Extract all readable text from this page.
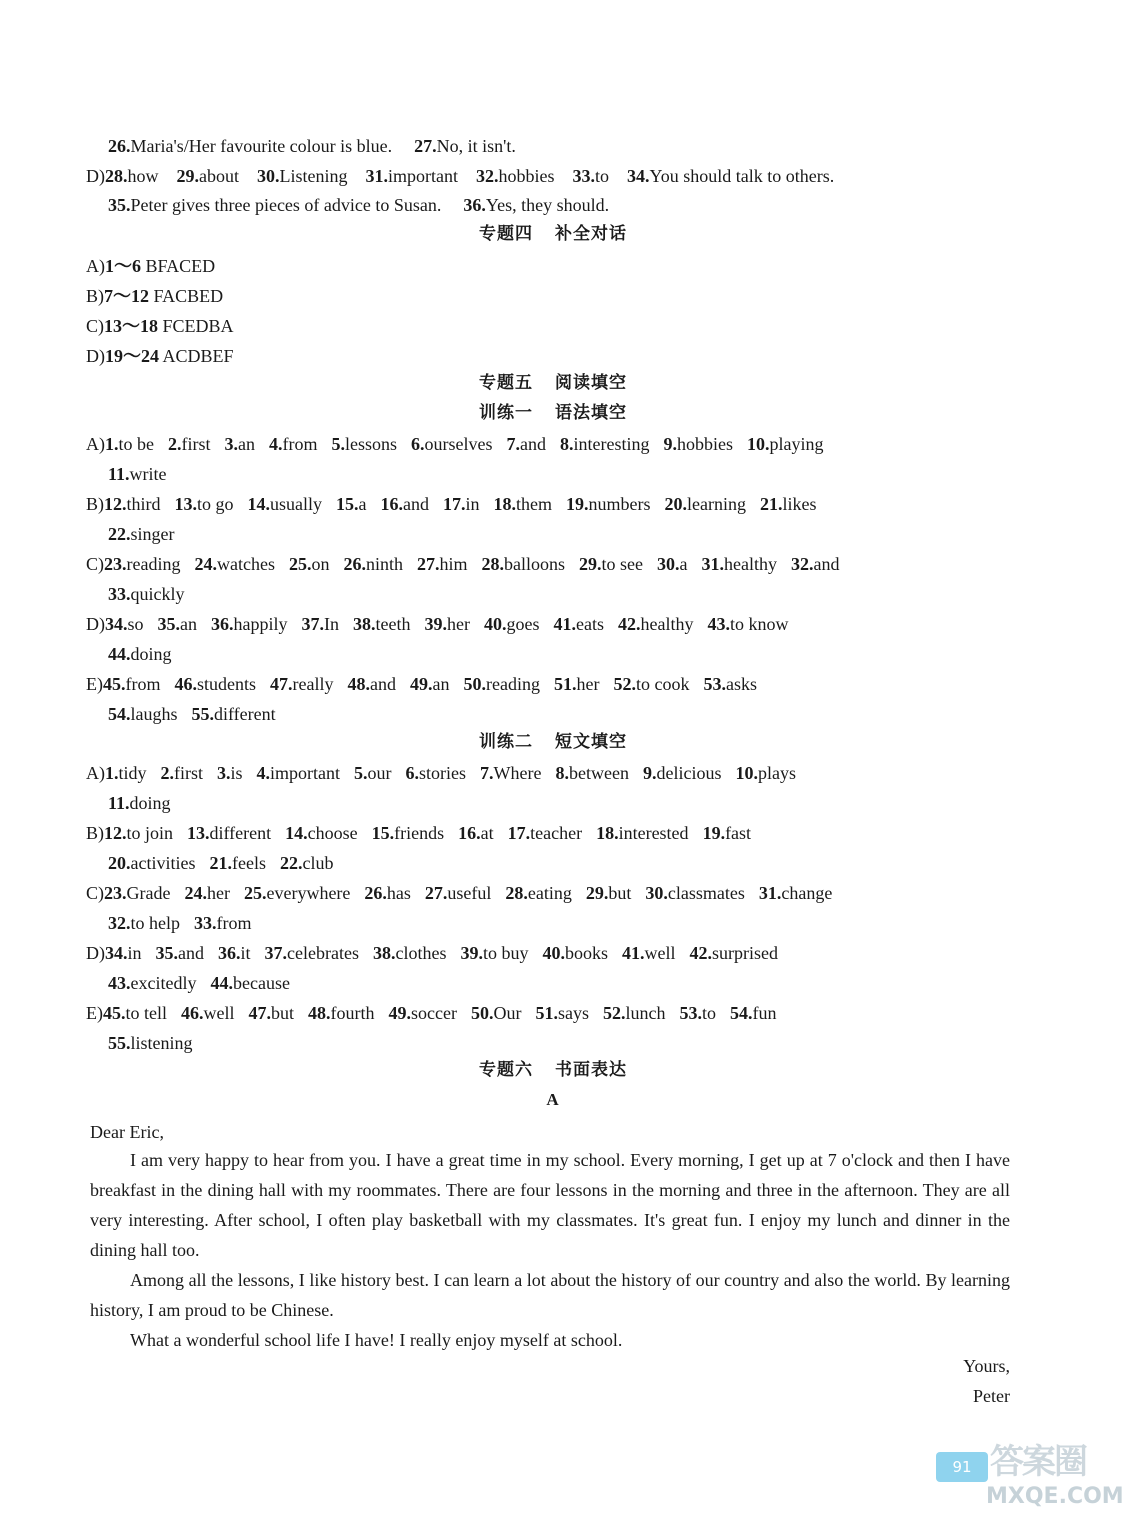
26.Maria's/Her favourite colour is blue. 27.No, it isn't.
D)28.how 29.about 30.Listening 31.important 32.hobbies 33.to 34.You should talk to others.
35.Peter gives three pieces of advice to Susan. 36.Yes, they should.
专题四 补全对话
A)1～6 BFACED
B)7～12 FACBED
C)13～18 FCEDBA
D)19～24 ACDBEF
专题五 阅读填空
训练一 语法填空
A)1.to be 2.first 3.an 4.from 5.lessons 6.ourselves 7.and 8.interesting 9.hobbies 10.playing
11.write
B)12.third 13.to go 14.usually 15.a 16.and 17.in 18.them 19.numbers 20.learning 21.likes
22.singer
C)23.reading 24.watches 25.on 26.ninth 27.him 28.balloons 29.to see 30.a 31.healthy 32.and
33.quickly
D)34.so 35.an 36.happily 37.In 38.teeth 39.her 40.goes 41.eats 42.healthy 43.to know
44.doing
E)45.from 46.students 47.really 48.and 49.an 50.reading 51.her 52.to cook 53.asks
54.laughs 55.different
训练二 短文填空
A)1.tidy 2.first 3.is 4.important 5.our 6.stories 7.Where 8.between 9.delicious 10.plays
11.doing
B)12.to join 13.different 14.choose 15.friends 16.at 17.teacher 18.interested 19.fast
20.activities 21.feels 22.club
C)23.Grade 24.her 25.everywhere 26.has 27.useful 28.eating 29.but 30.classmates 31.change
32.to help 33.from
D)34.in 35.and 36.it 37.celebrates 38.clothes 39.to buy 40.books 41.well 42.surprised
43.excitedly 44.because
E)45.to tell 46.well 47.but 48.fourth 49.soccer 50.Our 51.says 52.lunch 53.to 54.fun
55.listening
专题六 书面表达
A
Dear Eric,
I am very happy to hear from you. I have a great time in my school. Every morning, I get up at 7 o'clock and then I have breakfast in the dining hall with my roommates. There are four lessons in the morning and three in the afternoon. They are all very interesting. After school, I often play basketball with my classmates. It's great fun. I enjoy my lunch and dinner in the dining hall too.
Among all the lessons, I like history best. I can learn a lot about the history of our country and also the world. By learning history, I am proud to be Chinese.
What a wonderful school life I have! I really enjoy myself at school.
Yours,
Peter
91 答案圈
MXQE.COM
